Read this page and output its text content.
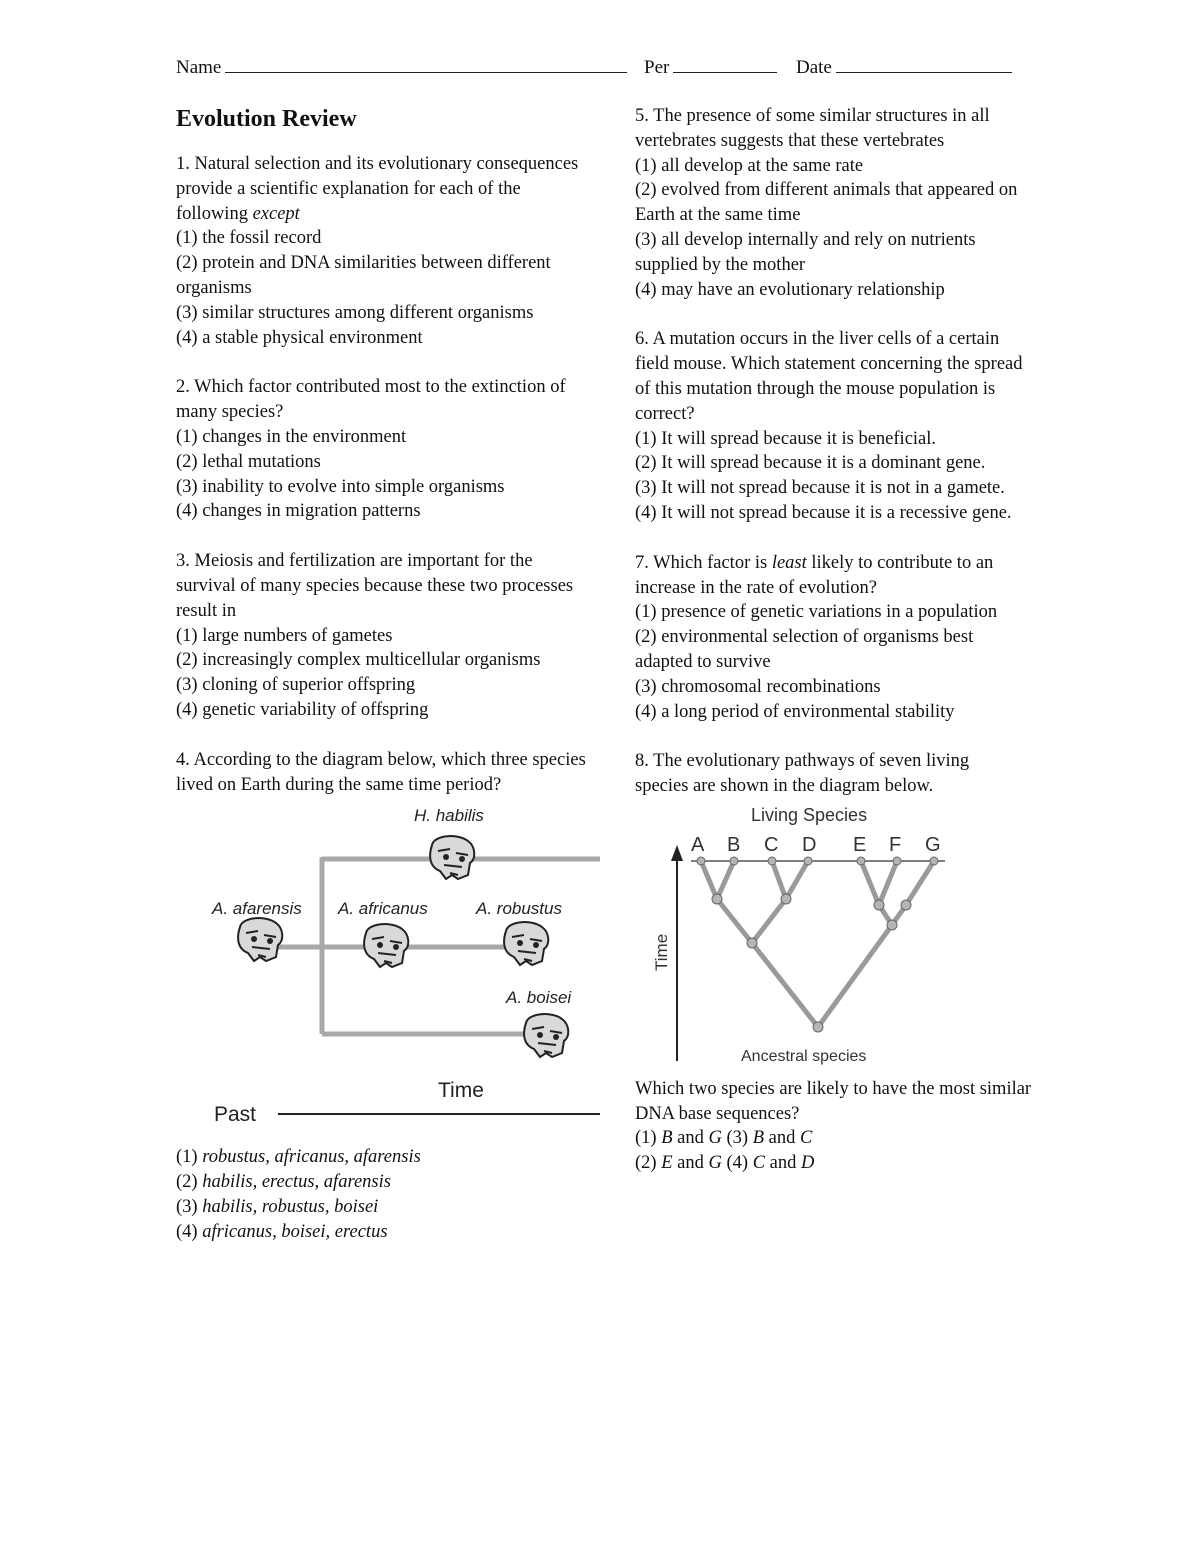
Name	Per	Date
Evolution Review

1. Natural selection and its evolutionary consequences provide a scientific explanation for each of the following except

(1) the fossil record

(2) protein and DNA similarities between different organisms

(3) similar structures among different organisms

(4) a stable physical environment

2. Which factor contributed most to the extinction of many species?

(1) changes in the environment

(2) lethal mutations

(3) inability to evolve into simple organisms

(4) changes in migration patterns

3. Meiosis and fertilization are important for the survival of many species because these two processes result in

(1) large numbers of gametes

(2) increasingly complex multicellular organisms

(3) cloning of superior offspring

(4) genetic variability of offspring

4. According to the diagram below, which three species lived on Earth during the same time period?

H. habilis
A. afarensis A. africanus	A. robustus
A. boisei
Time
Past

(1) robustus, africanus, afarensis

(2) habilis, erectus, afarensis

(3) habilis, robustus, boisei

(4) africanus, boisei, erectus

5. The presence of some similar structures in all vertebrates suggests that these vertebrates

(1) all develop at the same rate

(2) evolved from different animals that appeared on Earth at the same time

(3) all develop internally and rely on nutrients supplied by the mother

(4) may have an evolutionary relationship

6. A mutation occurs in the liver cells of a certain field mouse. Which statement concerning the spread of this mutation through the mouse population is correct?

(1) It will spread because it is beneficial.

(2) It will spread because it is a dominant gene.

(3) It will not spread because it is not in a gamete.

(4) It will not spread because it is a recessive gene.

7. Which factor is least likely to contribute to an increase in the rate of evolution?

(1) presence of genetic variations in a population

(2) environmental selection of organisms best adapted to survive

(3) chromosomal recombinations

(4) a long period of environmental stability

8. The evolutionary pathways of seven living

species are shown in the diagram below.

Living Species
A B C D E F G
Time
Ancestral species

Which two species are likely to have the most similar DNA base sequences?

(1) B and G (3) B and C

(2) E and G (4) C and D
